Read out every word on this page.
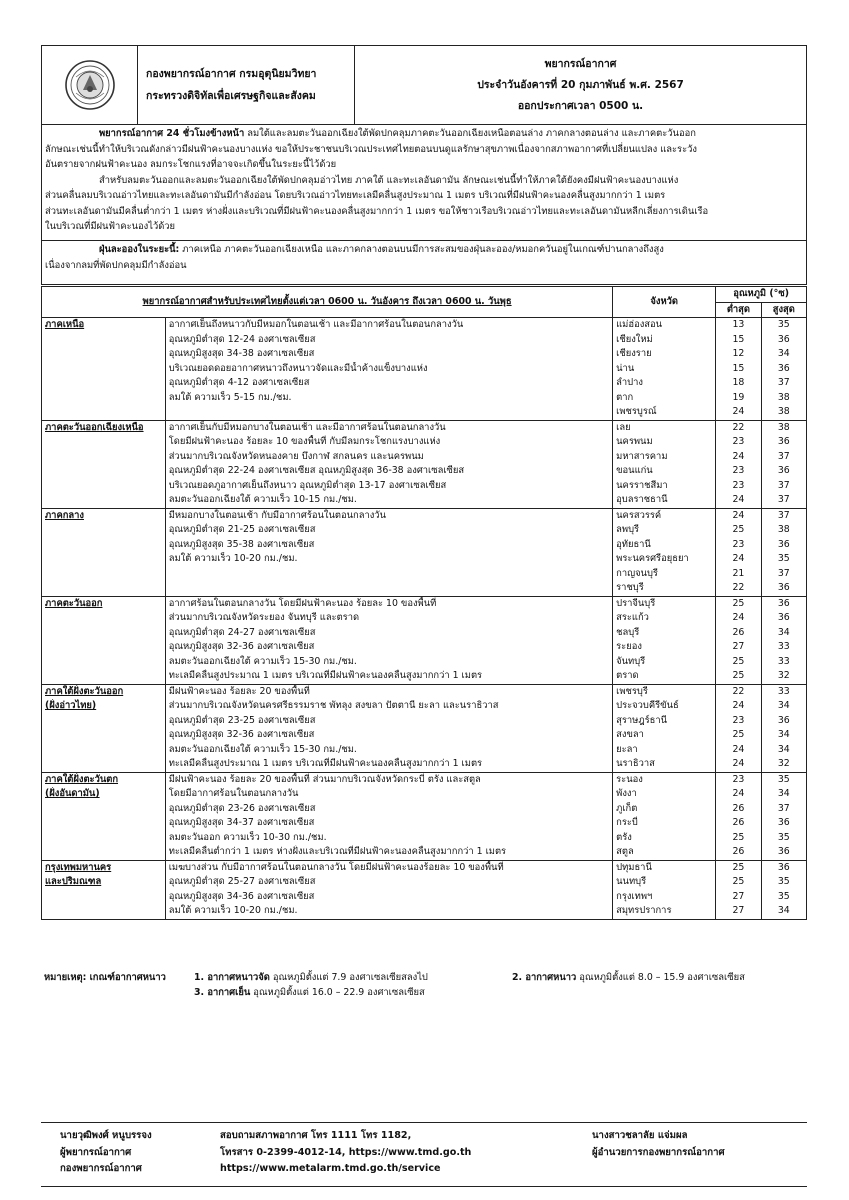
กองพยากรณ์อากาศ กรมอุตุนิยมวิทยา
กระทรวงดิจิทัลเพื่อเศรษฐกิจและสังคม
พยากรณ์อากาศ
ประจำวันอังคารที่ 20 กุมภาพันธ์ พ.ศ. 2567
ออกประกาศเวลา 0500 น.

พยากรณ์อากาศ 24 ชั่วโมงข้างหน้า ลมใต้และลมตะวันออกเฉียงใต้พัดปกคลุมภาคตะวันออกเฉียงเหนือตอนล่าง ภาคกลางตอนล่าง และภาคตะวันออก

ลักษณะเช่นนี้ทำให้บริเวณดังกล่าวมีฝนฟ้าคะนองบางแห่ง ขอให้ประชาชนบริเวณประเทศไทยตอนบนดูแลรักษาสุขภาพเนื่องจากสภาพอากาศที่เปลี่ยนแปลง และระวัง

อันตรายจากฝนฟ้าคะนอง ลมกระโชกแรงที่อาจจะเกิดขึ้นในระยะนี้ไว้ด้วย

สำหรับลมตะวันออกและลมตะวันออกเฉียงใต้พัดปกคลุมอ่าวไทย ภาคใต้ และทะเลอันดามัน ลักษณะเช่นนี้ทำให้ภาคใต้ยังคงมีฝนฟ้าคะนองบางแห่ง

ส่วนคลื่นลมบริเวณอ่าวไทยและทะเลอันดามันมีกำลังอ่อน โดยบริเวณอ่าวไทยทะเลมีคลื่นสูงประมาณ 1 เมตร บริเวณที่มีฝนฟ้าคะนองคลื่นสูงมากกว่า 1 เมตร

ส่วนทะเลอันดามันมีคลื่นต่ำกว่า 1 เมตร ห่างฝั่งและบริเวณที่มีฝนฟ้าคะนองคลื่นสูงมากกว่า 1 เมตร ขอให้ชาวเรือบริเวณอ่าวไทยและทะเลอันดามันหลีกเลี่ยงการเดินเรือ

ในบริเวณที่มีฝนฟ้าคะนองไว้ด้วย

ฝุ่นละอองในระยะนี้: ภาคเหนือ ภาคตะวันออกเฉียงเหนือ และภาคกลางตอนบนมีการสะสมของฝุ่นละออง/หมอกควันอยู่ในเกณฑ์ปานกลางถึงสูง

เนื่องจากลมที่พัดปกคลุมมีกำลังอ่อน

พยากรณ์อากาศสำหรับประเทศไทยตั้งแต่เวลา 0600 น. วันอังคาร ถึงเวลา 0600 น. วันพุธ		จังหวัด	อุณหภูมิ (°ซ)	
			ต่ำสุด	สูงสุด
ภาคเหนือ	อากาศเย็นถึงหนาวกับมีหมอกในตอนเช้า และมีอากาศร้อนในตอนกลางวัน	แม่ฮ่องสอน	13	35
	อุณหภูมิต่ำสุด 12-24 องศาเซลเซียส	เชียงใหม่	15	36
	อุณหภูมิสูงสุด 34-38 องศาเซลเซียส	เชียงราย	12	34
	บริเวณยอดดอยอากาศหนาวถึงหนาวจัดและมีน้ำค้างแข็งบางแห่ง	น่าน	15	36
	อุณหภูมิต่ำสุด 4-12 องศาเซลเซียส	ลำปาง	18	37
	ลมใต้ ความเร็ว 5-15 กม./ชม.	ตาก	19	38
		เพชรบูรณ์	24	38
ภาคตะวันออกเฉียงเหนือ	อากาศเย็นกับมีหมอกบางในตอนเช้า และมีอากาศร้อนในตอนกลางวัน	เลย	22	38
	โดยมีฝนฟ้าคะนอง ร้อยละ 10 ของพื้นที่ กับมีลมกระโชกแรงบางแห่ง	นครพนม	23	36
	ส่วนมากบริเวณจังหวัดหนองคาย บึงกาฬ สกลนคร และนครพนม	มหาสารคาม	24	37
	อุณหภูมิต่ำสุด 22-24 องศาเซลเซียส อุณหภูมิสูงสุด 36-38 องศาเซลเซียส	ขอนแก่น	23	36
	บริเวณยอดภูอากาศเย็นถึงหนาว อุณหภูมิต่ำสุด 13-17 องศาเซลเซียส	นครราชสีมา	23	37
	ลมตะวันออกเฉียงใต้ ความเร็ว 10-15 กม./ชม.	อุบลราชธานี	24	37
ภาคกลาง	มีหมอกบางในตอนเช้า กับมีอากาศร้อนในตอนกลางวัน	นครสวรรค์	24	37
	อุณหภูมิต่ำสุด 21-25 องศาเซลเซียส	ลพบุรี	25	38
	อุณหภูมิสูงสุด 35-38 องศาเซลเซียส	อุทัยธานี	23	36
	ลมใต้ ความเร็ว 10-20 กม./ชม.	พระนครศรีอยุธยา	24	35
		กาญจนบุรี	21	37
		ราชบุรี	22	36
ภาคตะวันออก	อากาศร้อนในตอนกลางวัน โดยมีฝนฟ้าคะนอง ร้อยละ 10 ของพื้นที่	ปราจีนบุรี	25	36
	ส่วนมากบริเวณจังหวัดระยอง จันทบุรี และตราด	สระแก้ว	24	36
	อุณหภูมิต่ำสุด 24-27 องศาเซลเซียส	ชลบุรี	26	34
	อุณหภูมิสูงสุด 32-36 องศาเซลเซียส	ระยอง	27	33
	ลมตะวันออกเฉียงใต้ ความเร็ว 15-30 กม./ชม.	จันทบุรี	25	33
	ทะเลมีคลื่นสูงประมาณ 1 เมตร บริเวณที่มีฝนฟ้าคะนองคลื่นสูงมากกว่า 1 เมตร	ตราด	25	32
ภาคใต้ฝั่งตะวันออก	มีฝนฟ้าคะนอง ร้อยละ 20 ของพื้นที่	เพชรบุรี	22	33
(ฝั่งอ่าวไทย)	ส่วนมากบริเวณจังหวัดนครศรีธรรมราช พัทลุง สงขลา ปัตตานี ยะลา และนราธิวาส	ประจวบคีรีขันธ์	24	34
	อุณหภูมิต่ำสุด 23-25 องศาเซลเซียส	สุราษฎร์ธานี	23	36
	อุณหภูมิสูงสุด 32-36 องศาเซลเซียส	สงขลา	25	34
	ลมตะวันออกเฉียงใต้ ความเร็ว 15-30 กม./ชม.	ยะลา	24	34
	ทะเลมีคลื่นสูงประมาณ 1 เมตร บริเวณที่มีฝนฟ้าคะนองคลื่นสูงมากกว่า 1 เมตร	นราธิวาส	24	32
ภาคใต้ฝั่งตะวันตก	มีฝนฟ้าคะนอง ร้อยละ 20 ของพื้นที่ ส่วนมากบริเวณจังหวัดกระบี่ ตรัง และสตูล	ระนอง	23	35
(ฝั่งอันดามัน)	โดยมีอากาศร้อนในตอนกลางวัน	พังงา	24	34
	อุณหภูมิต่ำสุด 23-26 องศาเซลเซียส	ภูเก็ต	26	37
	อุณหภูมิสูงสุด 34-37 องศาเซลเซียส	กระบี่	26	36
	ลมตะวันออก ความเร็ว 10-30 กม./ชม.	ตรัง	25	35
	ทะเลมีคลื่นต่ำกว่า 1 เมตร ห่างฝั่งและบริเวณที่มีฝนฟ้าคะนองคลื่นสูงมากกว่า 1 เมตร	สตูล	26	36
กรุงเทพมหานคร	เมฆบางส่วน กับมีอากาศร้อนในตอนกลางวัน โดยมีฝนฟ้าคะนองร้อยละ 10 ของพื้นที่	ปทุมธานี	25	36
และปริมณฑล	อุณหภูมิต่ำสุด 25-27 องศาเซลเซียส	นนทบุรี	25	35
	อุณหภูมิสูงสุด 34-36 องศาเซลเซียส	กรุงเทพฯ	27	35
	ลมใต้ ความเร็ว 10-20 กม./ชม.	สมุทรปราการ	27	34
หมายเหตุ: เกณฑ์อากาศหนาว	1. อากาศหนาวจัด อุณหภูมิตั้งแต่ 7.9 องศาเซลเซียสลงไป	2. อากาศหนาว อุณหภูมิตั้งแต่ 8.0 – 15.9 องศาเซลเซียส
3. อากาศเย็น อุณหภูมิตั้งแต่ 16.0 – 22.9 องศาเซลเซียส
นายวุฒิพงศ์ หนูบรรจง
ผู้พยากรณ์อากาศ
กองพยากรณ์อากาศ
สอบถามสภาพอากาศ โทร 1111 โทร 1182,
โทรสาร 0-2399-4012-14, https://www.tmd.go.th
https://www.metalarm.tmd.go.th/service
นางสาวชลาลัย แจ่มผล
ผู้อำนวยการกองพยากรณ์อากาศ
